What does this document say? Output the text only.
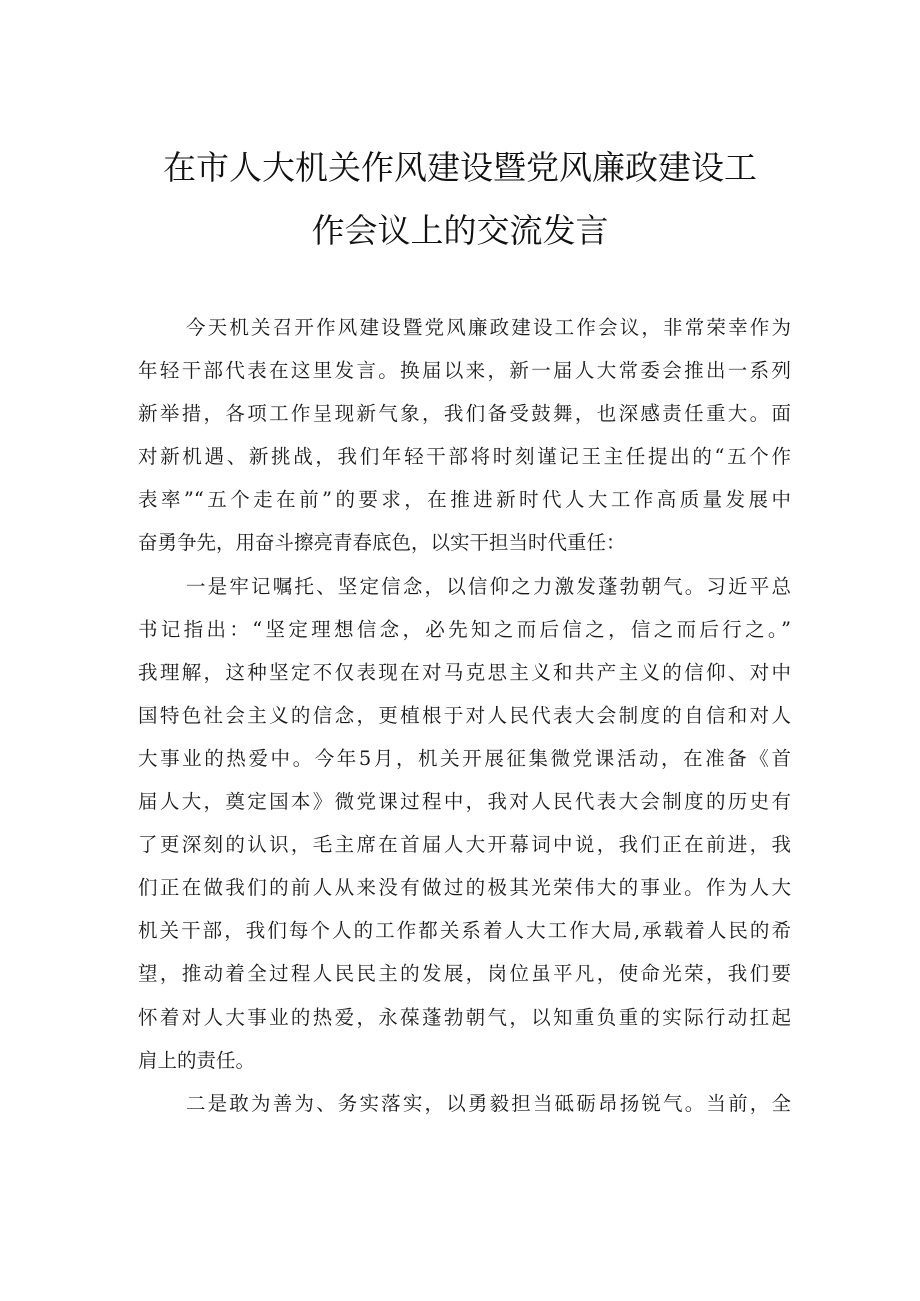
在市人大机关作风建设暨党风廉政建设工
作会议上的交流发言
今天机关召开作风建设暨党风廉政建设工作会议，非常荣幸作为
年轻干部代表在这里发言。换届以来，新一届人大常委会推出一系列
新举措，各项工作呈现新气象，我们备受鼓舞，也深感责任重大。面
对新机遇、新挑战，我们年轻干部将时刻谨记王主任提出的“五个作
表率”“五个走在前”的要求，在推进新时代人大工作高质量发展中
奋勇争先，用奋斗擦亮青春底色，以实干担当时代重任：
一是牢记嘱托、坚定信念，以信仰之力激发蓬勃朝气。习近平总
书记指出：“坚定理想信念，必先知之而后信之，信之而后行之。”
我理解，这种坚定不仅表现在对马克思主义和共产主义的信仰、对中
国特色社会主义的信念，更植根于对人民代表大会制度的自信和对人
大事业的热爱中。今年5月，机关开展征集微党课活动，在准备《首
届人大，奠定国本》微党课过程中，我对人民代表大会制度的历史有
了更深刻的认识，毛主席在首届人大开幕词中说，我们正在前进，我
们正在做我们的前人从来没有做过的极其光荣伟大的事业。作为人大
机关干部，我们每个人的工作都关系着人大工作大局,承载着人民的希
望，推动着全过程人民民主的发展，岗位虽平凡，使命光荣，我们要
怀着对人大事业的热爱，永葆蓬勃朝气，以知重负重的实际行动扛起
肩上的责任。
二是敢为善为、务实落实，以勇毅担当砥砺昂扬锐气。当前，全
